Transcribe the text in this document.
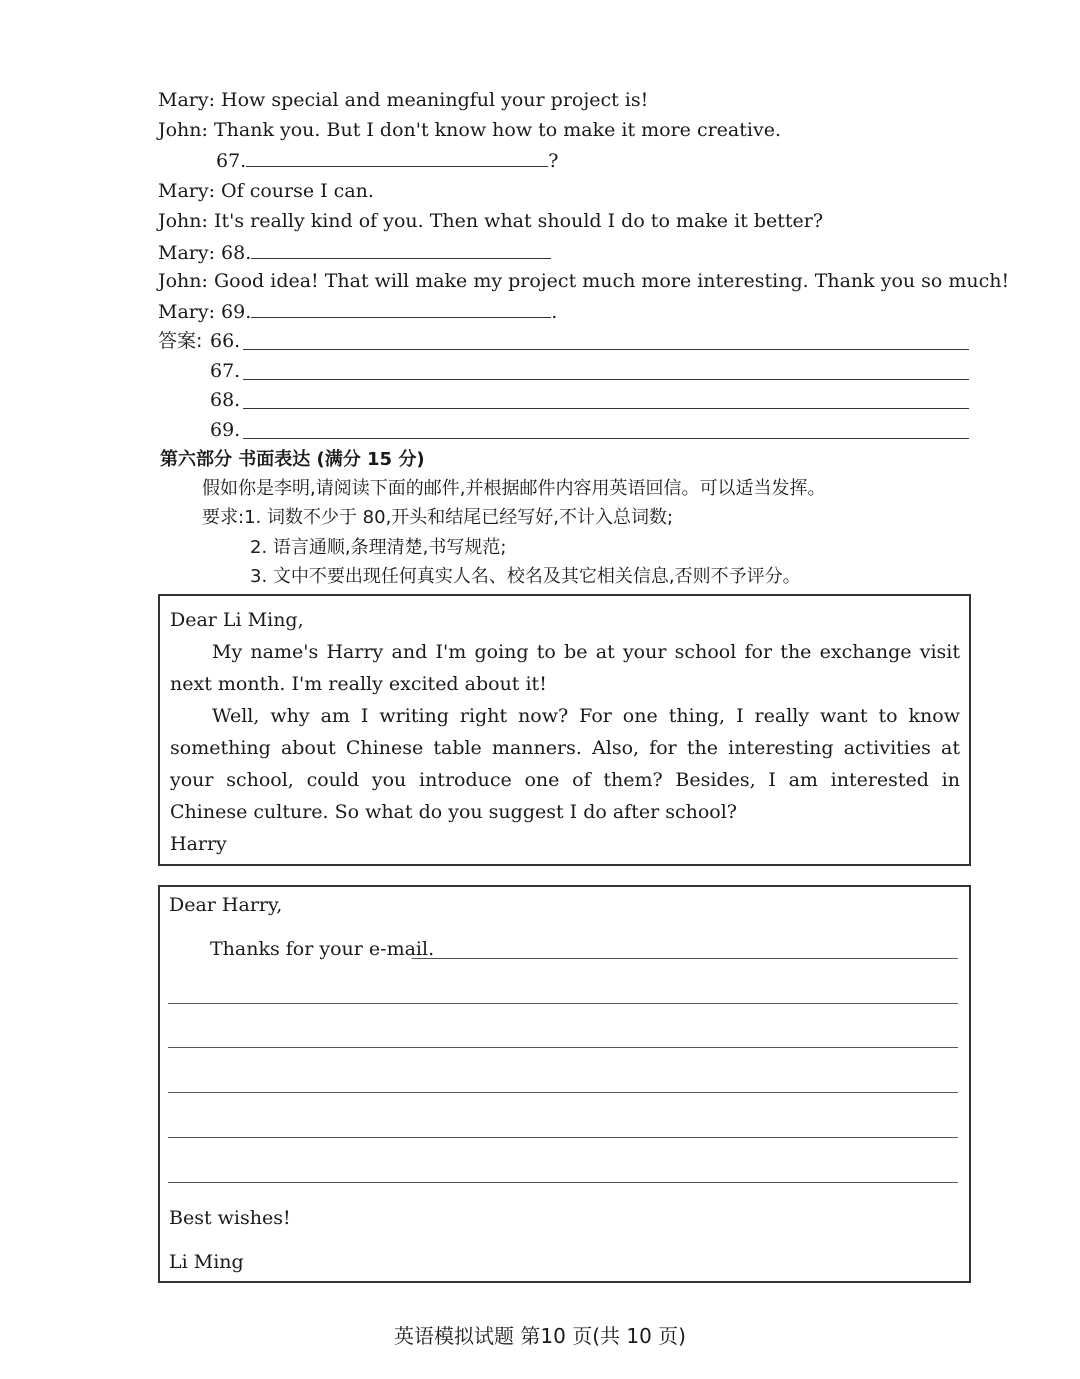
Mary: How special and meaningful your project is!
John: Thank you. But I don't know how to make it more creative.
67.	?
Mary: Of course I can.
John: It's really kind of you. Then what should I do to make it better?
Mary: 68.
John: Good idea! That will make my project much more interesting. Thank you so much!
Mary: 69.	.
答案: 66.
67.
68.
69.
第六部分 书面表达 (满分 15 分)
假如你是李明,请阅读下面的邮件,并根据邮件内容用英语回信。可以适当发挥。
要求:1. 词数不少于 80,开头和结尾已经写好,不计入总词数;
2. 语言通顺,条理清楚,书写规范;
3. 文中不要出现任何真实人名、校名及其它相关信息,否则不予评分。
Dear Li Ming,
My name's Harry and I'm going to be at your school for the exchange visit next month. I'm really excited about it!
Well, why am I writing right now? For one thing, I really want to know something about Chinese table manners. Also, for the interesting activities at your school, could you introduce one of them? Besides, I am interested in Chinese culture. So what do you suggest I do after school?
Harry
Dear Harry,
Thanks for your e-mail.
Best wishes!
Li Ming
英语模拟试题 第10 页(共 10 页)
